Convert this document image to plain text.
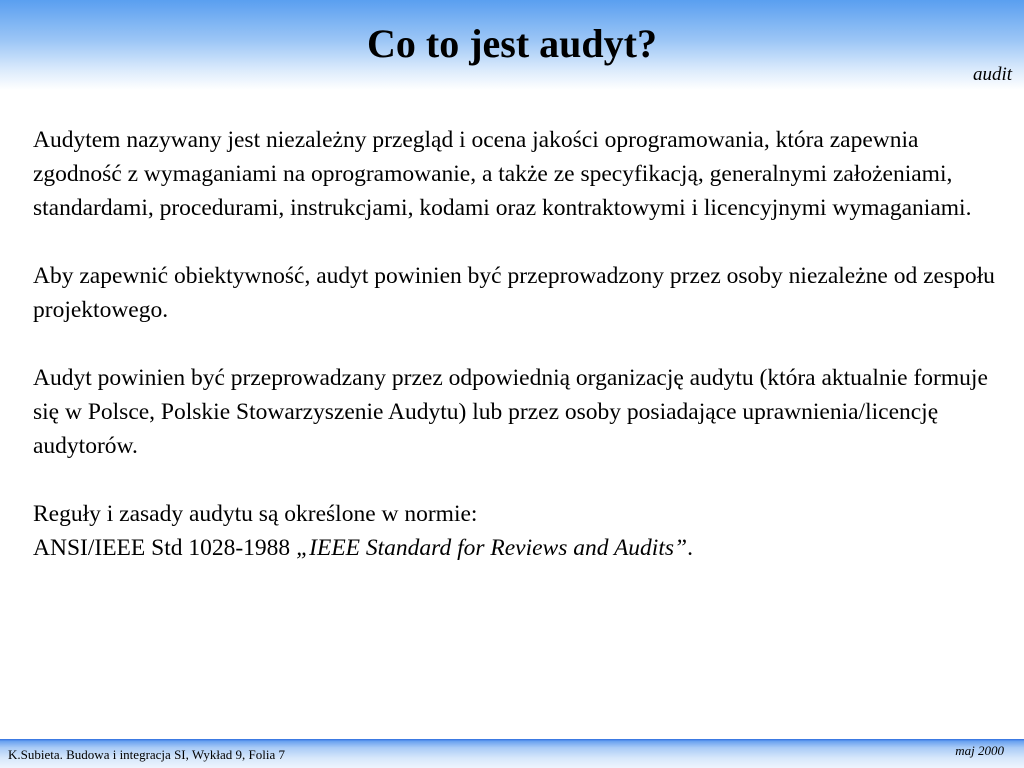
Co to jest audyt?
audit

Audytem nazywany jest niezależny przegląd i ocena jakości oprogramowania, która zapewnia zgodność z wymaganiami na oprogramowanie, a także ze specyfikacją, generalnymi założeniami, standardami, procedurami, instrukcjami, kodami oraz kontraktowymi i licencyjnymi wymaganiami.

Aby zapewnić obiektywność, audyt powinien być przeprowadzony przez osoby niezależne od zespołu projektowego.

Audyt powinien być przeprowadzany przez odpowiednią organizację audytu (która aktualnie formuje się w Polsce, Polskie Stowarzyszenie Audytu) lub przez osoby posiadające uprawnienia/licencję audytorów.

Reguły i zasady audytu są określone w normie:
ANSI/IEEE Std 1028-1988 „IEEE Standard for Reviews and Audits”.

K.Subieta. Budowa i integracja SI, Wykład 9, Folia 7	maj 2000
